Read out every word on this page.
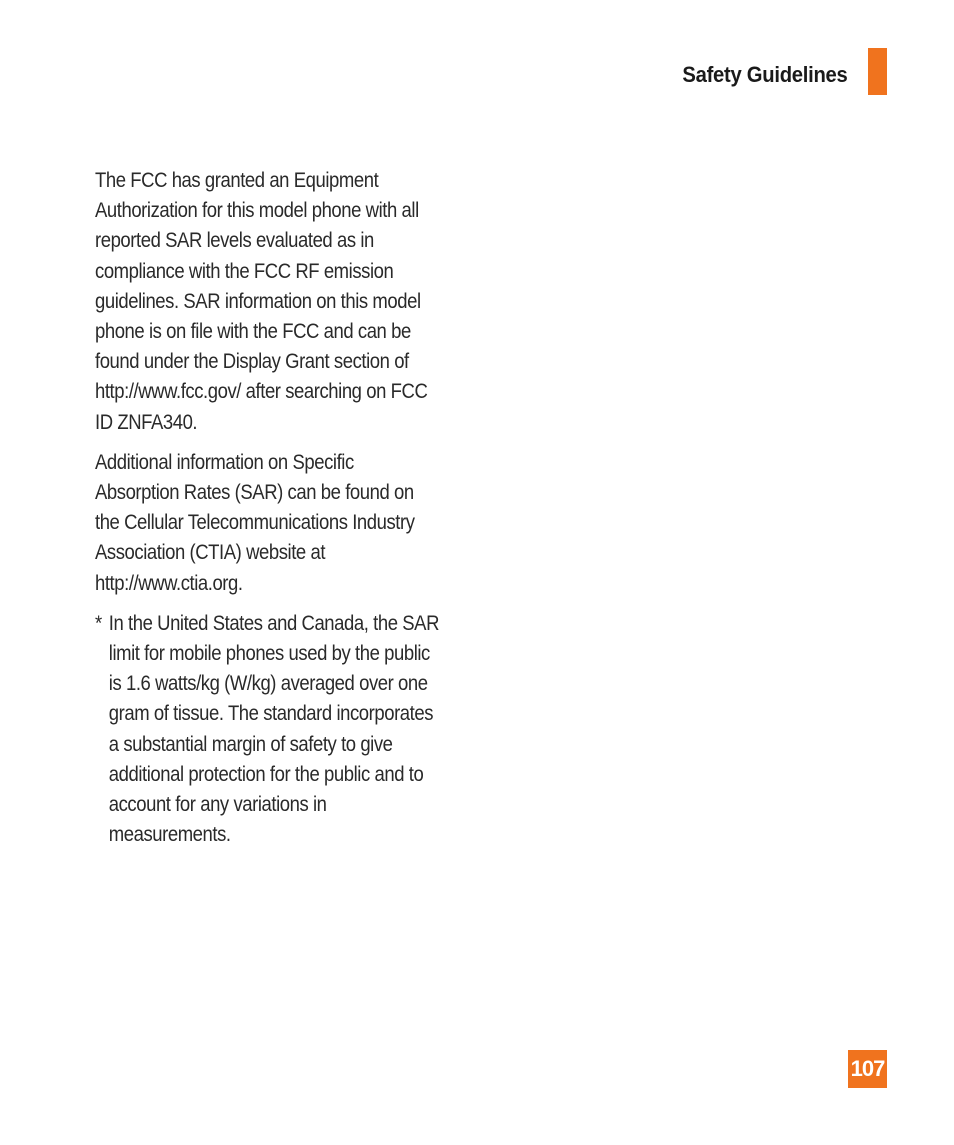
Safety Guidelines

The FCC has granted an Equipment Authorization for this model phone with all reported SAR levels evaluated as in compliance with the FCC RF emission guidelines. SAR information on this model phone is on file with the FCC and can be found under the Display Grant section of http://www.fcc.gov/ after searching on FCC ID ZNFA340.

Additional information on Specific Absorption Rates (SAR) can be found on the Cellular Telecommunications Industry Association (CTIA) website at http://www.ctia.org.

* In the United States and Canada, the SAR limit for mobile phones used by the public is 1.6 watts/kg (W/kg) averaged over one gram of tissue. The standard incorporates a substantial margin of safety to give additional protection for the public and to account for any variations in measurements.
107
